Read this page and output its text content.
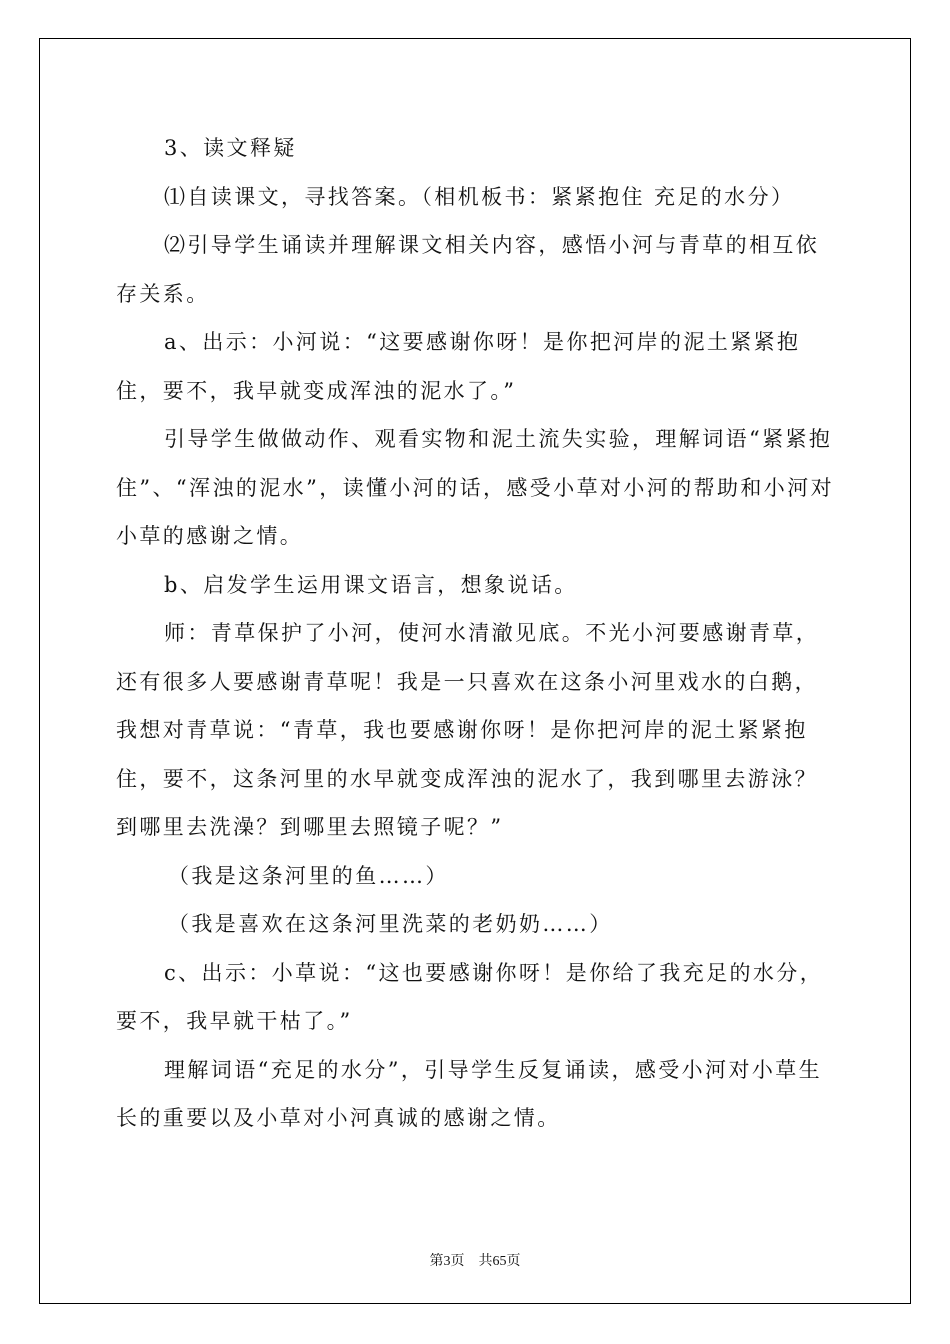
3、读文释疑

⑴自读课文，寻找答案。（相机板书：紧紧抱住 充足的水分）

⑵引导学生诵读并理解课文相关内容，感悟小河与青草的相互依存关系。

a、出示：小河说：“这要感谢你呀！是你把河岸的泥土紧紧抱住，要不，我早就变成浑浊的泥水了。”

引导学生做做动作、观看实物和泥土流失实验，理解词语“紧紧抱住”、“浑浊的泥水”，读懂小河的话，感受小草对小河的帮助和小河对小草的感谢之情。

b、启发学生运用课文语言，想象说话。

师：青草保护了小河，使河水清澈见底。不光小河要感谢青草，还有很多人要感谢青草呢！我是一只喜欢在这条小河里戏水的白鹅，我想对青草说：“青草，我也要感谢你呀！是你把河岸的泥土紧紧抱住，要不，这条河里的水早就变成浑浊的泥水了，我到哪里去游泳？到哪里去洗澡？到哪里去照镜子呢？”

（我是这条河里的鱼……）

（我是喜欢在这条河里洗菜的老奶奶……）

c、出示：小草说：“这也要感谢你呀！是你给了我充足的水分，要不，我早就干枯了。”

理解词语“充足的水分”，引导学生反复诵读，感受小河对小草生长的重要以及小草对小河真诚的感谢之情。

第3页 共65页
